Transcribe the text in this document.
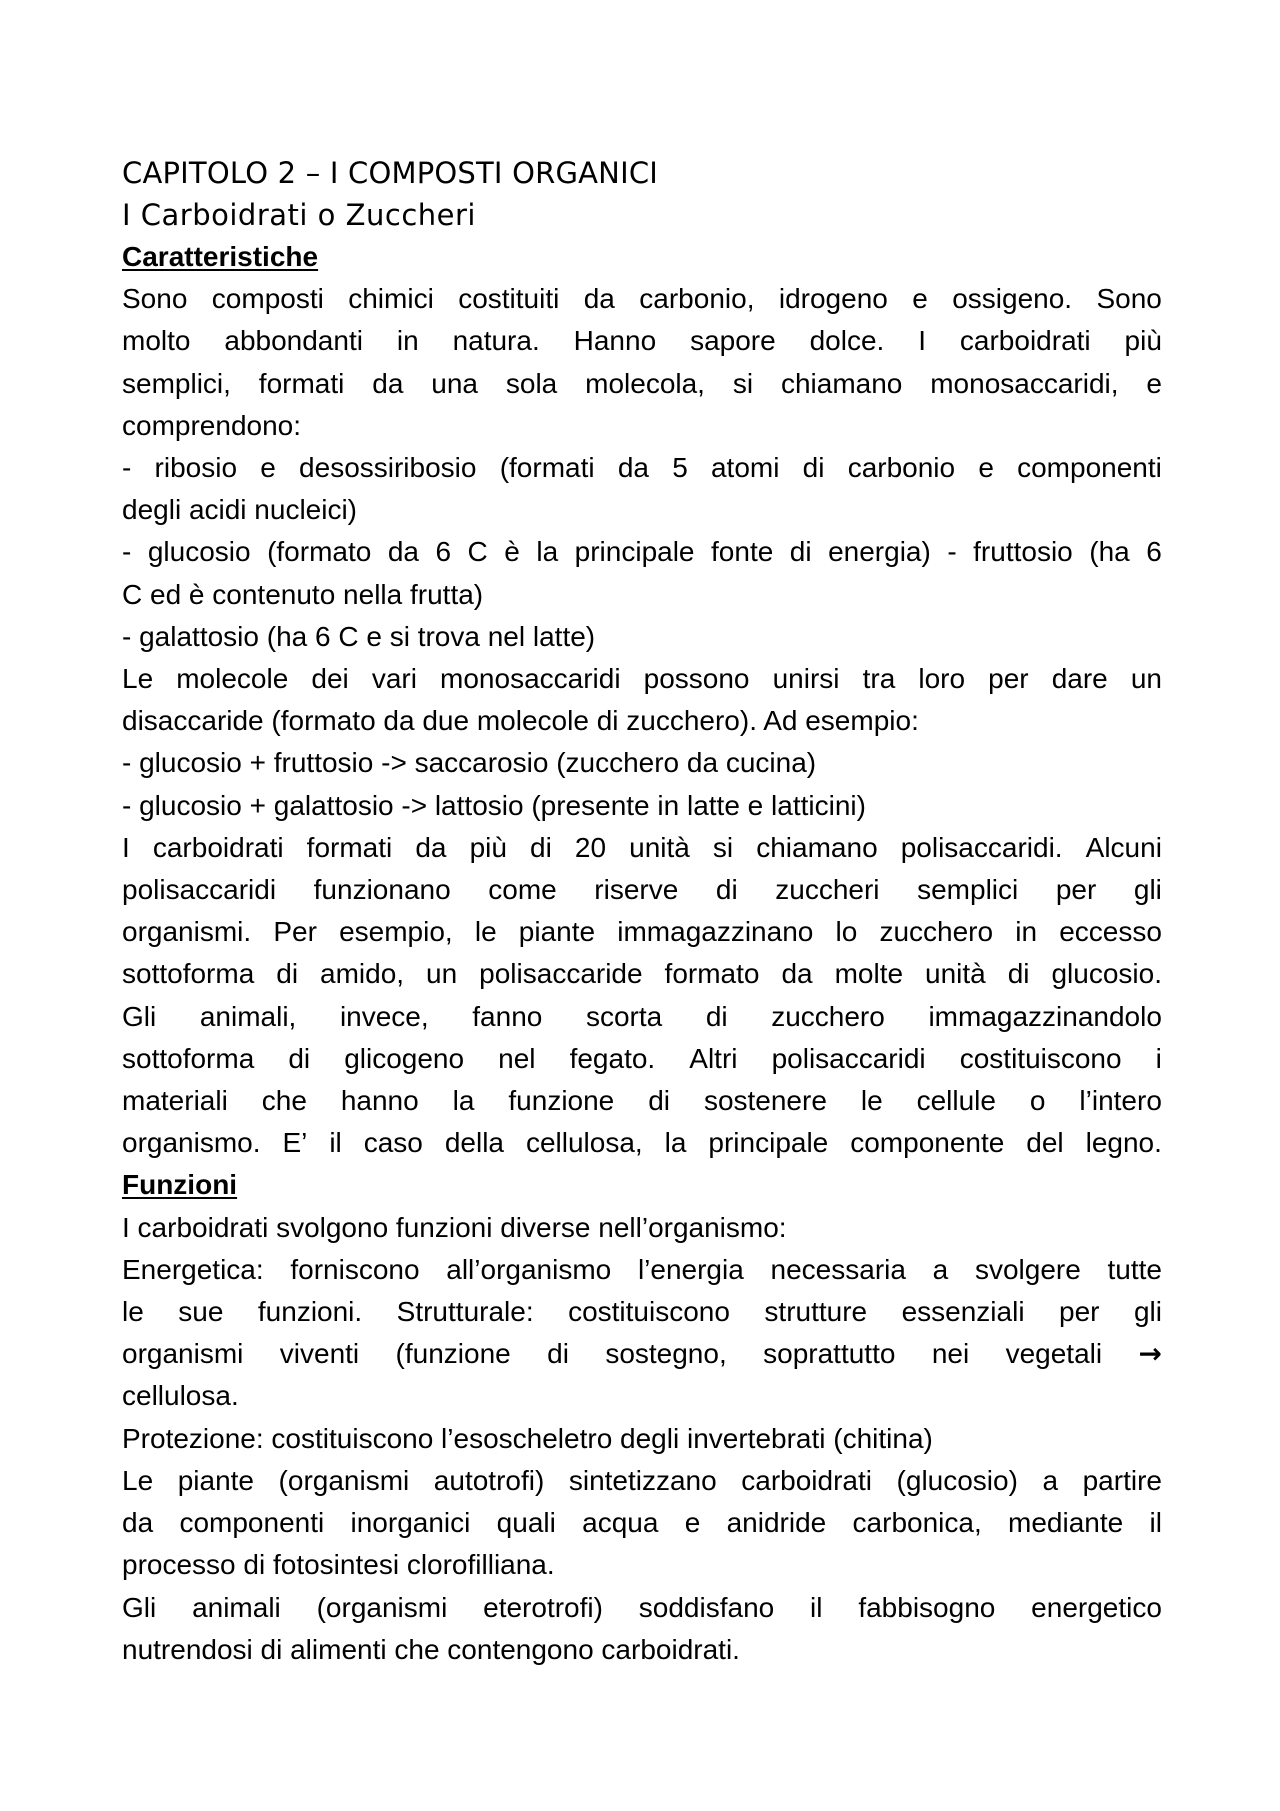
CAPITOLO 2 – I COMPOSTI ORGANICI

I Carboidrati o Zuccheri

Caratteristiche

Sono composti chimici costituiti da carbonio, idrogeno e ossigeno. Sono

molto abbondanti in natura. Hanno sapore dolce. I carboidrati più

semplici, formati da una sola molecola, si chiamano monosaccaridi, e

comprendono:

- ribosio e desossiribosio (formati da 5 atomi di carbonio e componenti

degli acidi nucleici)

- glucosio (formato da 6 C è la principale fonte di energia) - fruttosio (ha 6

C ed è contenuto nella frutta)

- galattosio (ha 6 C e si trova nel latte)

Le molecole dei vari monosaccaridi possono unirsi tra loro per dare un

disaccaride (formato da due molecole di zucchero). Ad esempio:

- glucosio + fruttosio -> saccarosio (zucchero da cucina)

- glucosio + galattosio -> lattosio (presente in latte e latticini)

I carboidrati formati da più di 20 unità si chiamano polisaccaridi. Alcuni

polisaccaridi funzionano come riserve di zuccheri semplici per gli

organismi. Per esempio, le piante immagazzinano lo zucchero in eccesso

sottoforma di amido, un polisaccaride formato da molte unità di glucosio.

Gli animali, invece, fanno scorta di zucchero immagazzinandolo

sottoforma di glicogeno nel fegato. Altri polisaccaridi costituiscono i

materiali che hanno la funzione di sostenere le cellule o l’intero

organismo. E’ il caso della cellulosa, la principale componente del legno.

Funzioni

I carboidrati svolgono funzioni diverse nell’organismo:

Energetica: forniscono all’organismo l’energia necessaria a svolgere tutte

le sue funzioni. Strutturale: costituiscono strutture essenziali per gli

organismi viventi (funzione di sostegno, soprattutto nei vegetali →

cellulosa.

Protezione: costituiscono l’esoscheletro degli invertebrati (chitina)

Le piante (organismi autotrofi) sintetizzano carboidrati (glucosio) a partire

da componenti inorganici quali acqua e anidride carbonica, mediante il

processo di fotosintesi clorofilliana.

Gli animali (organismi eterotrofi) soddisfano il fabbisogno energetico

nutrendosi di alimenti che contengono carboidrati.
